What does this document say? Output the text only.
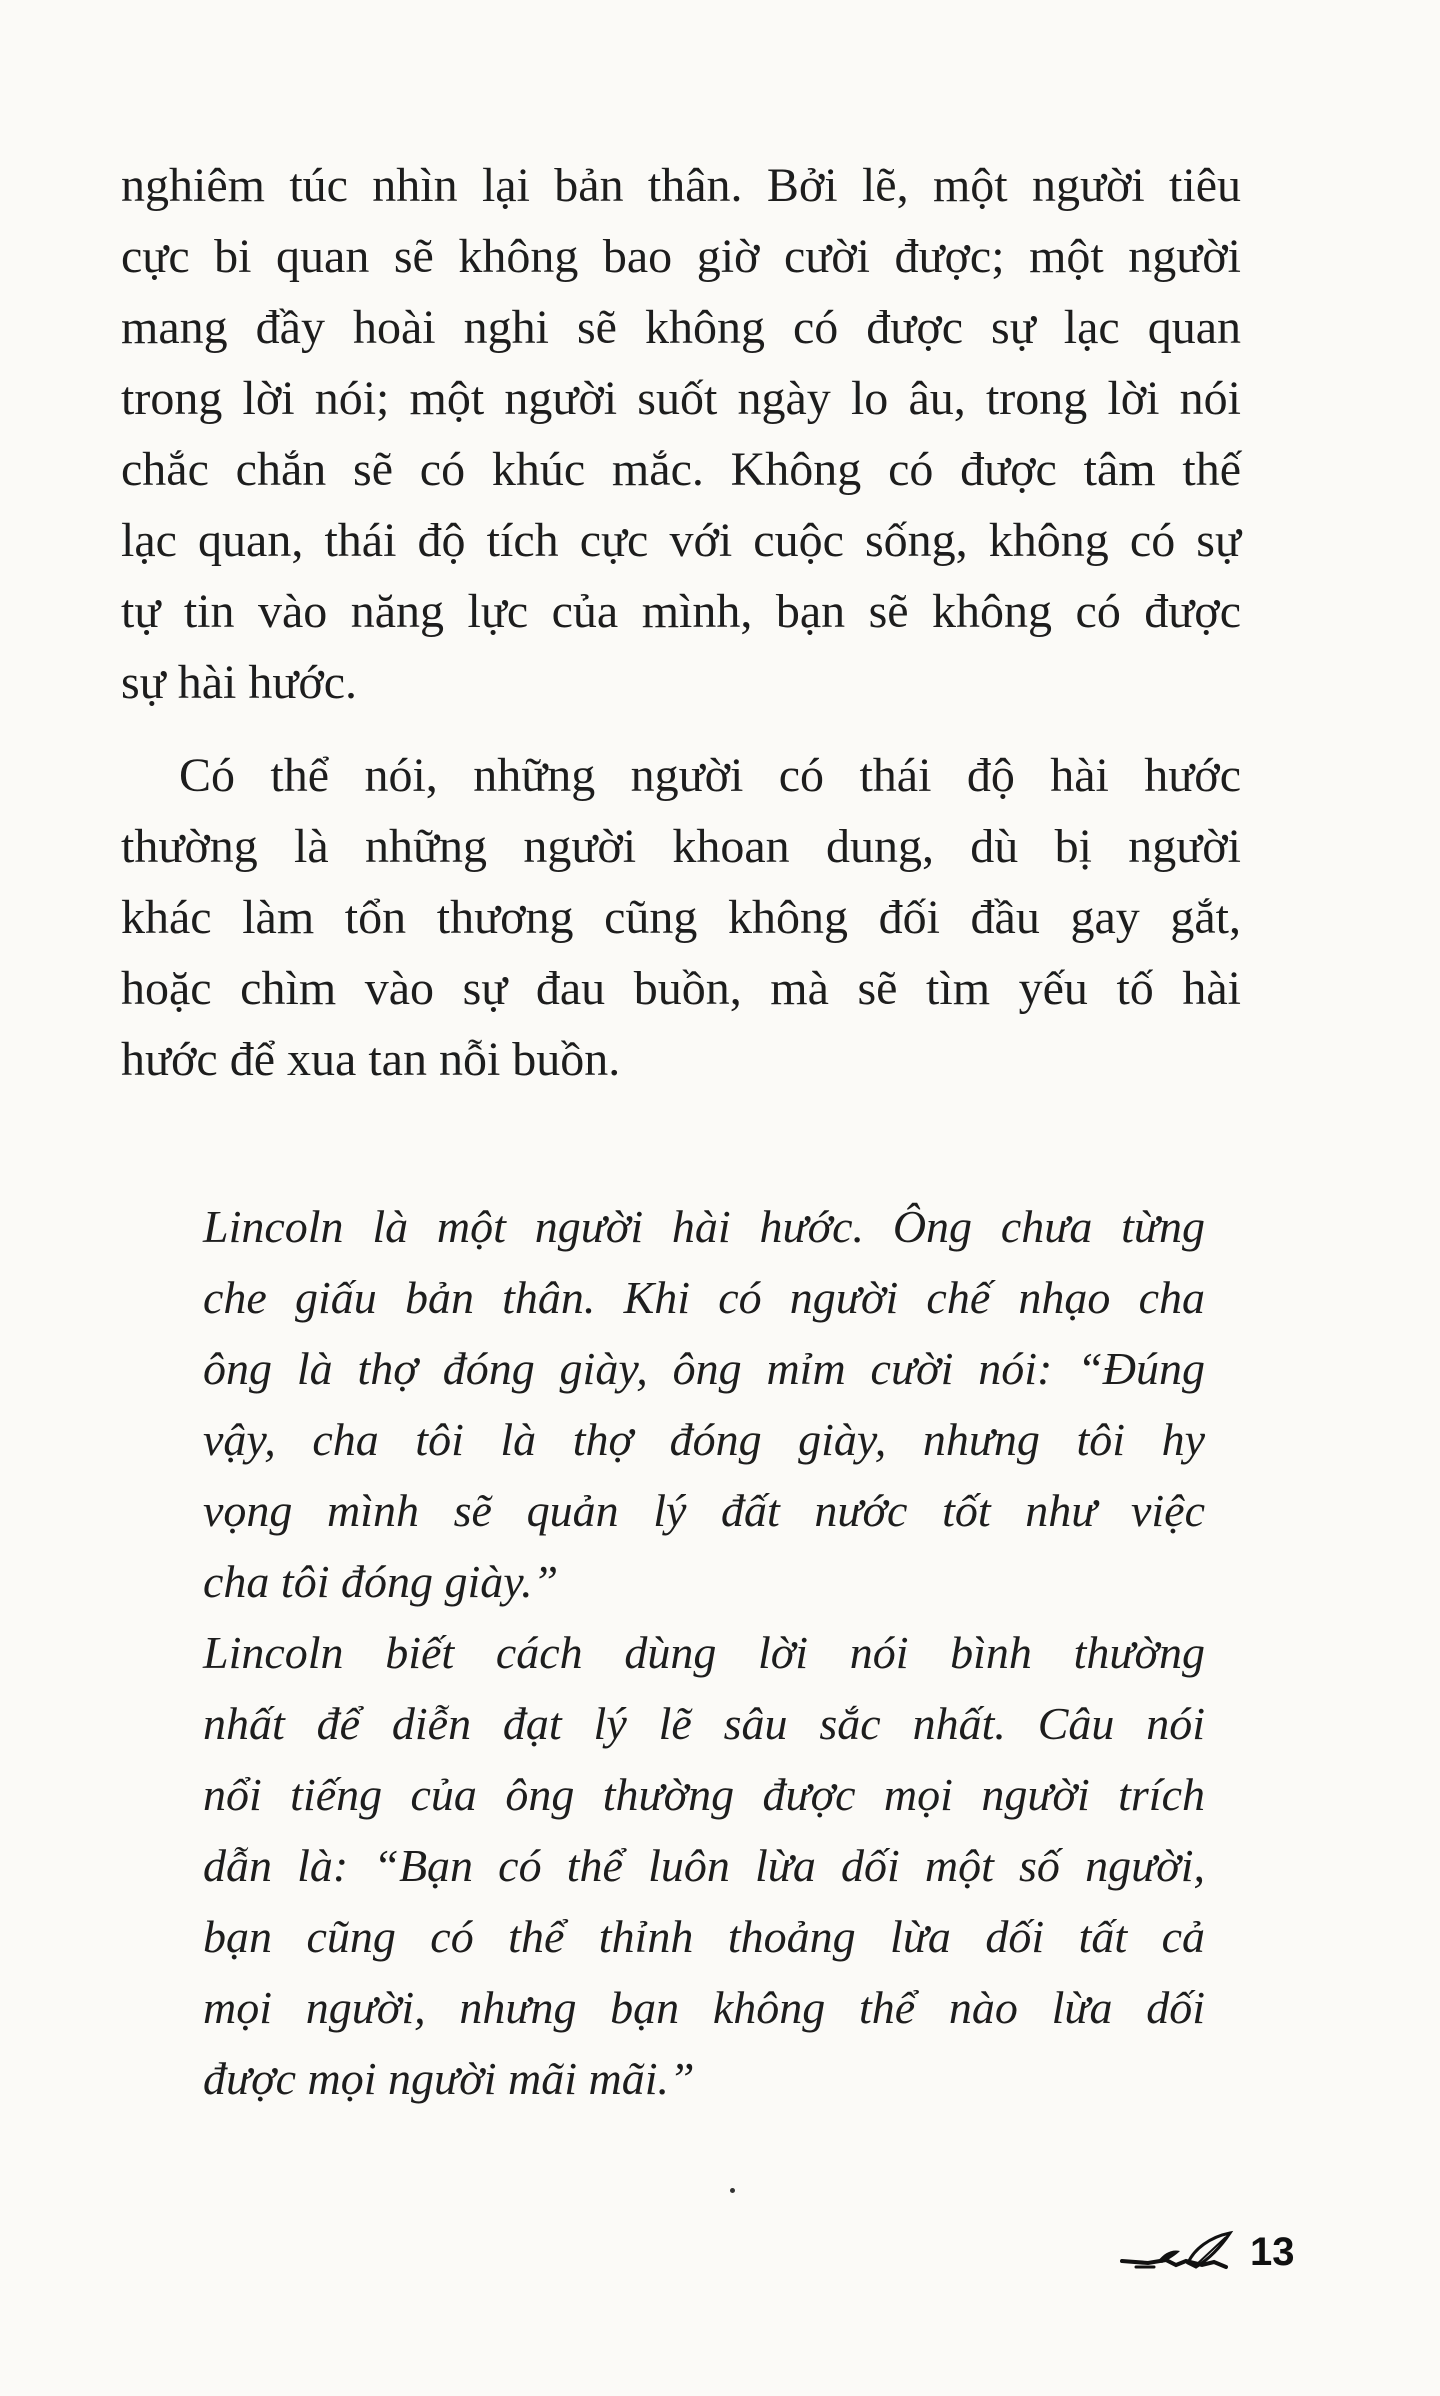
nghiêm túc nhìn lại bản thân. Bởi lẽ, một người tiêu
cực bi quan sẽ không bao giờ cười được; một người
mang đầy hoài nghi sẽ không có được sự lạc quan
trong lời nói; một người suốt ngày lo âu, trong lời nói
chắc chắn sẽ có khúc mắc. Không có được tâm thế
lạc quan, thái độ tích cực với cuộc sống, không có sự
tự tin vào năng lực của mình, bạn sẽ không có được
sự hài hước.

Có thể nói, những người có thái độ hài hước
thường là những người khoan dung, dù bị người
khác làm tổn thương cũng không đối đầu gay gắt,
hoặc chìm vào sự đau buồn, mà sẽ tìm yếu tố hài
hước để xua tan nỗi buồn.

Lincoln là một người hài hước. Ông chưa từng
che giấu bản thân. Khi có người chế nhạo cha
ông là thợ đóng giày, ông mỉm cười nói: “Đúng
vậy, cha tôi là thợ đóng giày, nhưng tôi hy
vọng mình sẽ quản lý đất nước tốt như việc
cha tôi đóng giày.”

Lincoln biết cách dùng lời nói bình thường
nhất để diễn đạt lý lẽ sâu sắc nhất. Câu nói
nổi tiếng của ông thường được mọi người trích
dẫn là: “Bạn có thể luôn lừa dối một số người,
bạn cũng có thể thỉnh thoảng lừa dối tất cả
mọi người, nhưng bạn không thể nào lừa dối
được mọi người mãi mãi.”

13
